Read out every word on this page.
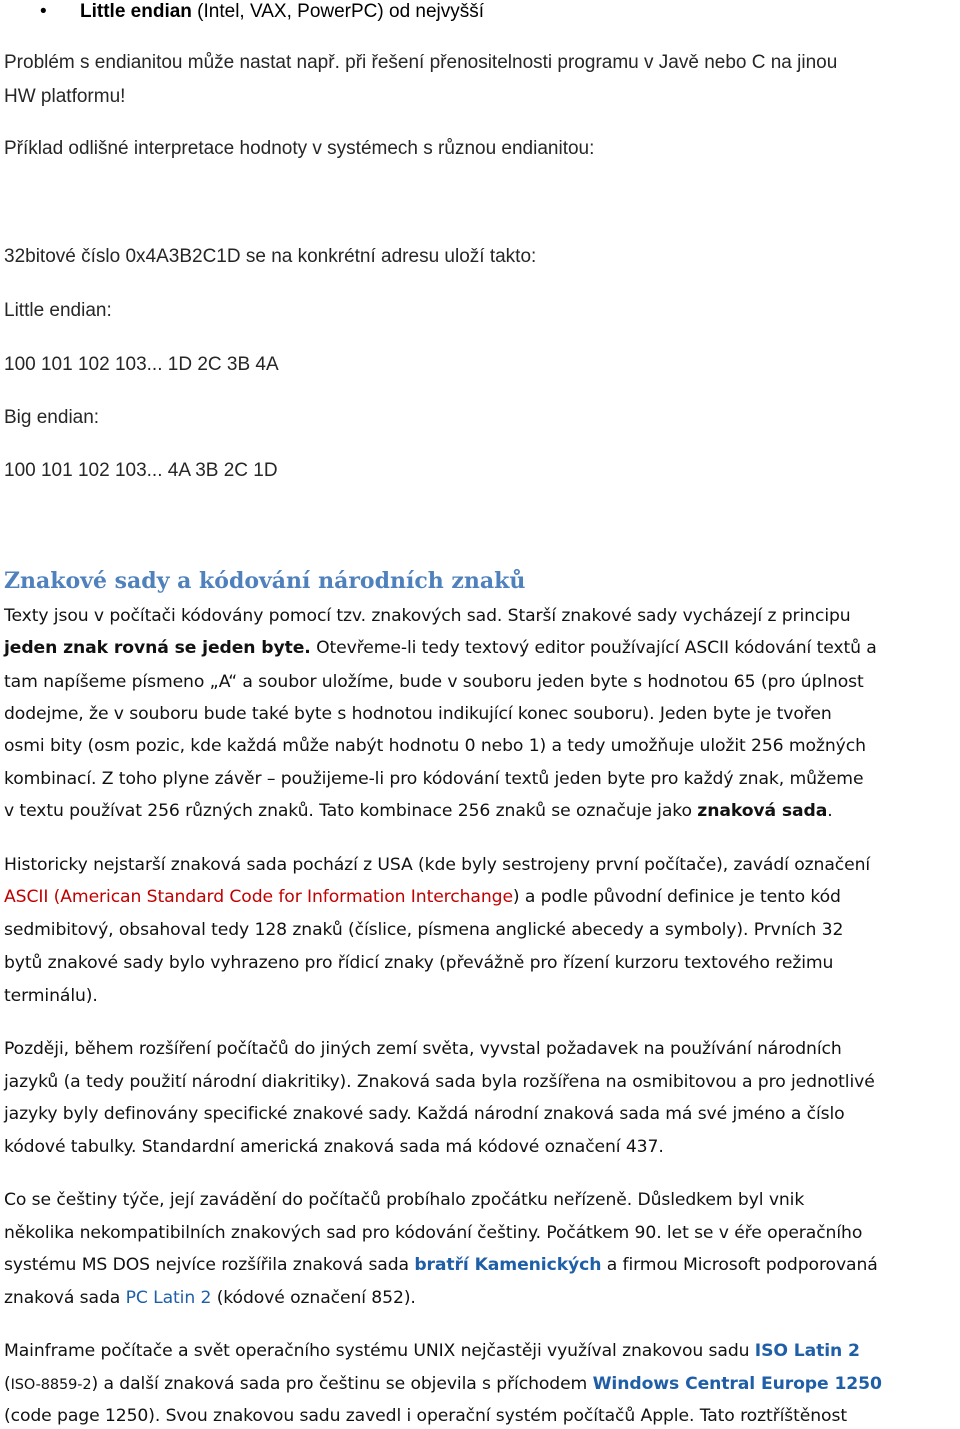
• Little endian (Intel, VAX, PowerPC) od nejvyšší
Problém s endianitou může nastat např. při řešení přenositelnosti programu v Javě nebo C na jinou
HW platformu!
Příklad odlišné interpretace hodnoty v systémech s různou endianitou:
32bitové číslo 0x4A3B2C1D se na konkrétní adresu uloží takto:
Little endian:
100 101 102 103... 1D 2C 3B 4A
Big endian:
100 101 102 103... 4A 3B 2C 1D
Znakové sady a kódování národních znaků
Texty jsou v počítači kódovány pomocí tzv. znakových sad. Starší znakové sady vycházejí z principu
jeden znak rovná se jeden byte. Otevřeme-li tedy textový editor používající ASCII kódování textů a
tam napíšeme písmeno „A“ a soubor uložíme, bude v souboru jeden byte s hodnotou 65 (pro úplnost
dodejme, že v souboru bude také byte s hodnotou indikující konec souboru). Jeden byte je tvořen
osmi bity (osm pozic, kde každá může nabýt hodnotu 0 nebo 1) a tedy umožňuje uložit 256 možných
kombinací. Z toho plyne závěr – použijeme-li pro kódování textů jeden byte pro každý znak, můžeme
v textu používat 256 různých znaků. Tato kombinace 256 znaků se označuje jako znaková sada.
Historicky nejstarší znaková sada pochází z USA (kde byly sestrojeny první počítače), zavádí označení
ASCII (American Standard Code for Information Interchange) a podle původní definice je tento kód
sedmibitový, obsahoval tedy 128 znaků (číslice, písmena anglické abecedy a symboly). Prvních 32
bytů znakové sady bylo vyhrazeno pro řídicí znaky (převážně pro řízení kurzoru textového režimu
terminálu).
Později, během rozšíření počítačů do jiných zemí světa, vyvstal požadavek na používání národních
jazyků (a tedy použití národní diakritiky). Znaková sada byla rozšířena na osmibitovou a pro jednotlivé
jazyky byly definovány specifické znakové sady. Každá národní znaková sada má své jméno a číslo
kódové tabulky. Standardní americká znaková sada má kódové označení 437.
Co se češtiny týče, její zavádění do počítačů probíhalo zpočátku neřízeně. Důsledkem byl vnik
několika nekompatibilních znakových sad pro kódování češtiny. Počátkem 90. let se v éře operačního
systému MS DOS nejvíce rozšířila znaková sada bratří Kamenických a firmou Microsoft podporovaná
znaková sada PC Latin 2 (kódové označení 852).
Mainframe počítače a svět operačního systému UNIX nejčastěji využíval znakovou sadu ISO Latin 2
(ISO-8859-2) a další znaková sada pro češtinu se objevila s příchodem Windows Central Europe 1250
(code page 1250). Svou znakovou sadu zavedl i operační systém počítačů Apple. Tato roztříštěnost
